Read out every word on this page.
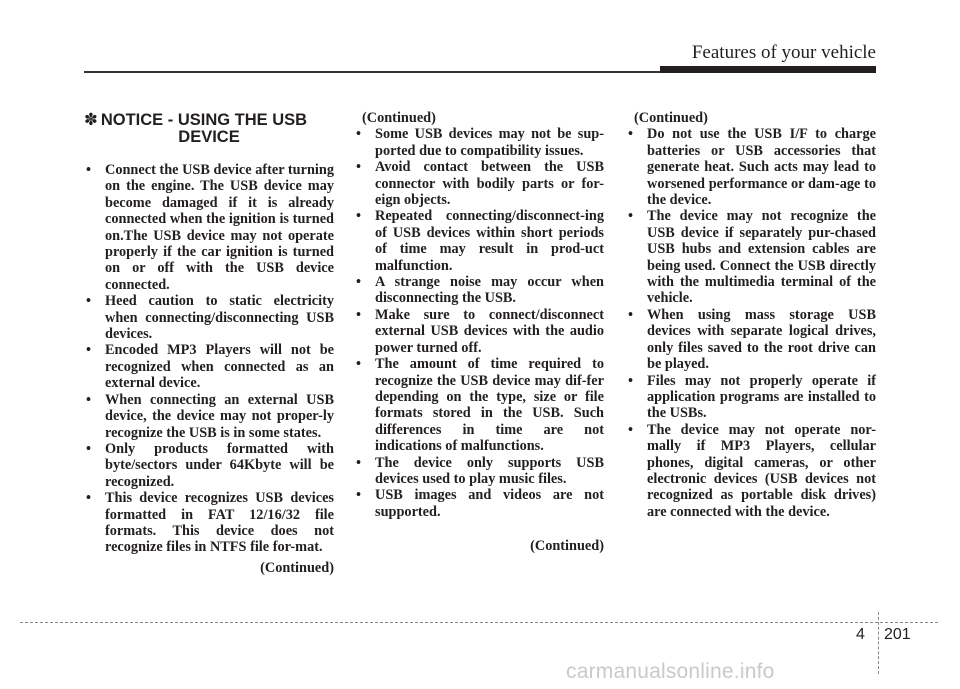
Features of your vehicle
✽ NOTICE - USING THE USB
DEVICE
• Connect the USB device after turning on the engine. The USB device may become damaged if it is already connected when the ignition is turned on.The USB device may not operate properly if the car ignition is turned on or off with the USB device connected.
• Heed caution to static electricity when connecting/disconnecting USB devices.
• Encoded MP3 Players will not be recognized when connected as an external device.
• When connecting an external USB device, the device may not proper-ly recognize the USB is in some states.
• Only products formatted with byte/sectors under 64Kbyte will be recognized.
• This device recognizes USB devices formatted in FAT 12/16/32 file formats. This device does not recognize files in NTFS file for-mat.
(Continued)
(Continued)
• Some USB devices may not be sup-ported due to compatibility issues.
• Avoid contact between the USB connector with bodily parts or for-eign objects.
• Repeated connecting/disconnect-ing of USB devices within short periods of time may result in prod-uct malfunction.
• A strange noise may occur when disconnecting the USB.
• Make sure to connect/disconnect external USB devices with the audio power turned off.
• The amount of time required to recognize the USB device may dif-fer depending on the type, size or file formats stored in the USB. Such differences in time are not indications of malfunctions.
• The device only supports USB devices used to play music files.
• USB images and videos are not supported.
(Continued)
(Continued)
• Do not use the USB I/F to charge batteries or USB accessories that generate heat. Such acts may lead to worsened performance or dam-age to the device.
• The device may not recognize the USB device if separately pur-chased USB hubs and extension cables are being used. Connect the USB directly with the multimedia terminal of the vehicle.
• When using mass storage USB devices with separate logical drives, only files saved to the root drive can be played.
• Files may not properly operate if application programs are installed to the USBs.
• The device may not operate nor-mally if MP3 Players, cellular phones, digital cameras, or other electronic devices (USB devices not recognized as portable disk drives) are connected with the device.
4 201
carmanualsonline.info
